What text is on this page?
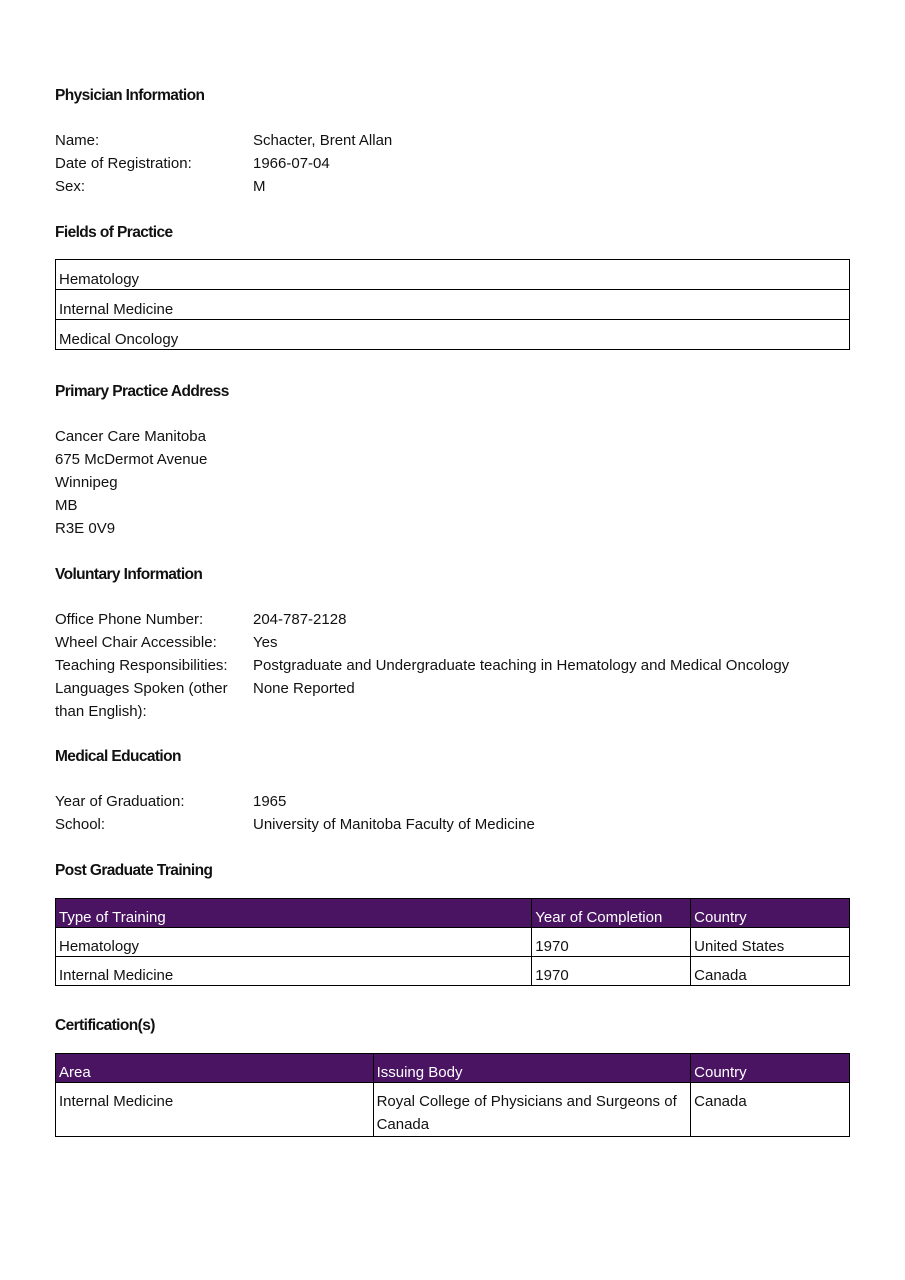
Physician Information
Name:	Schacter, Brent Allan
Date of Registration:	1966-07-04
Sex:	M
Fields of Practice
Hematology
Internal Medicine
Medical Oncology
Primary Practice Address
Cancer Care Manitoba
675 McDermot Avenue
Winnipeg
MB
R3E 0V9
Voluntary Information
Office Phone Number:	204-787-2128
Wheel Chair Accessible:	Yes
Teaching Responsibilities:	Postgraduate and Undergraduate teaching in Hematology and Medical Oncology
Languages Spoken (other than English):
None Reported
Medical Education
Year of Graduation:	1965
School:	University of Manitoba Faculty of Medicine
Post Graduate Training
Type of Training	Year of Completion	Country
Hematology	1970	United States
Internal Medicine	1970	Canada
Certification(s)
Area	Issuing Body	Country
Internal Medicine	Royal College of Physicians and Surgeons of Canada	Canada
